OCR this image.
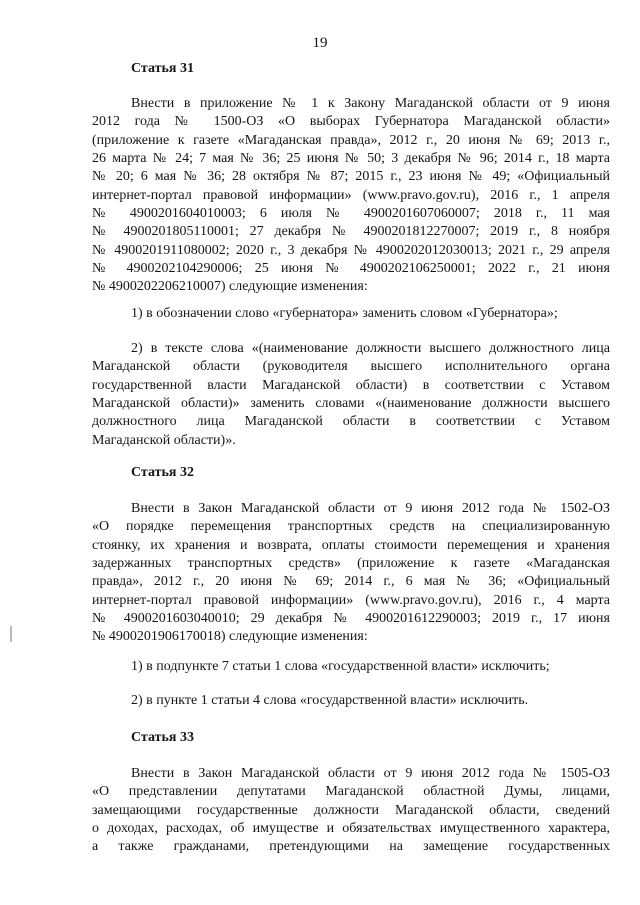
19
Статья 31

Внести в приложение № 1 к Закону Магаданской области от 9 июня
2012 года № 1500-ОЗ «О выборах Губернатора Магаданской области»
(приложение к газете «Магаданская правда», 2012 г., 20 июня № 69; 2013 г.,
26 марта № 24; 7 мая № 36; 25 июня № 50; 3 декабря № 96; 2014 г., 18 марта
№ 20; 6 мая № 36; 28 октября № 87; 2015 г., 23 июня № 49; «Официальный
интернет-портал правовой информации» (www.pravo.gov.ru), 2016 г., 1 апреля
№ 4900201604010003; 6 июля № 4900201607060007; 2018 г., 11 мая
№ 4900201805110001; 27 декабря № 4900201812270007; 2019 г., 8 ноября
№ 4900201911080002; 2020 г., 3 декабря № 4900202012030013; 2021 г., 29 апреля
№ 4900202104290006; 25 июня № 4900202106250001; 2022 г., 21 июня
№ 4900202206210007) следующие изменения:

1) в обозначении слово «губернатора» заменить словом «Губернатора»;

2) в тексте слова «(наименование должности высшего должностного лица
Магаданской области (руководителя высшего исполнительного органа
государственной власти Магаданской области) в соответствии с Уставом
Магаданской области)» заменить словами «(наименование должности высшего
должностного лица Магаданской области в соответствии с Уставом
Магаданской области)».

Статья 32

Внести в Закон Магаданской области от 9 июня 2012 года № 1502-ОЗ
«О порядке перемещения транспортных средств на специализированную
стоянку, их хранения и возврата, оплаты стоимости перемещения и хранения
задержанных транспортных средств» (приложение к газете «Магаданская
правда», 2012 г., 20 июня № 69; 2014 г., 6 мая № 36; «Официальный
интернет-портал правовой информации» (www.pravo.gov.ru), 2016 г., 4 марта
№ 4900201603040010; 29 декабря № 4900201612290003; 2019 г., 17 июня
№ 4900201906170018) следующие изменения:

1) в подпункте 7 статьи 1 слова «государственной власти» исключить;
2) в пункте 1 статьи 4 слова «государственной власти» исключить.
Статья 33

Внести в Закон Магаданской области от 9 июня 2012 года № 1505-ОЗ
«О представлении депутатами Магаданской областной Думы, лицами,
замещающими государственные должности Магаданской области, сведений
о доходах, расходах, об имуществе и обязательствах имущественного характера,
а также гражданами, претендующими на замещение государственных
